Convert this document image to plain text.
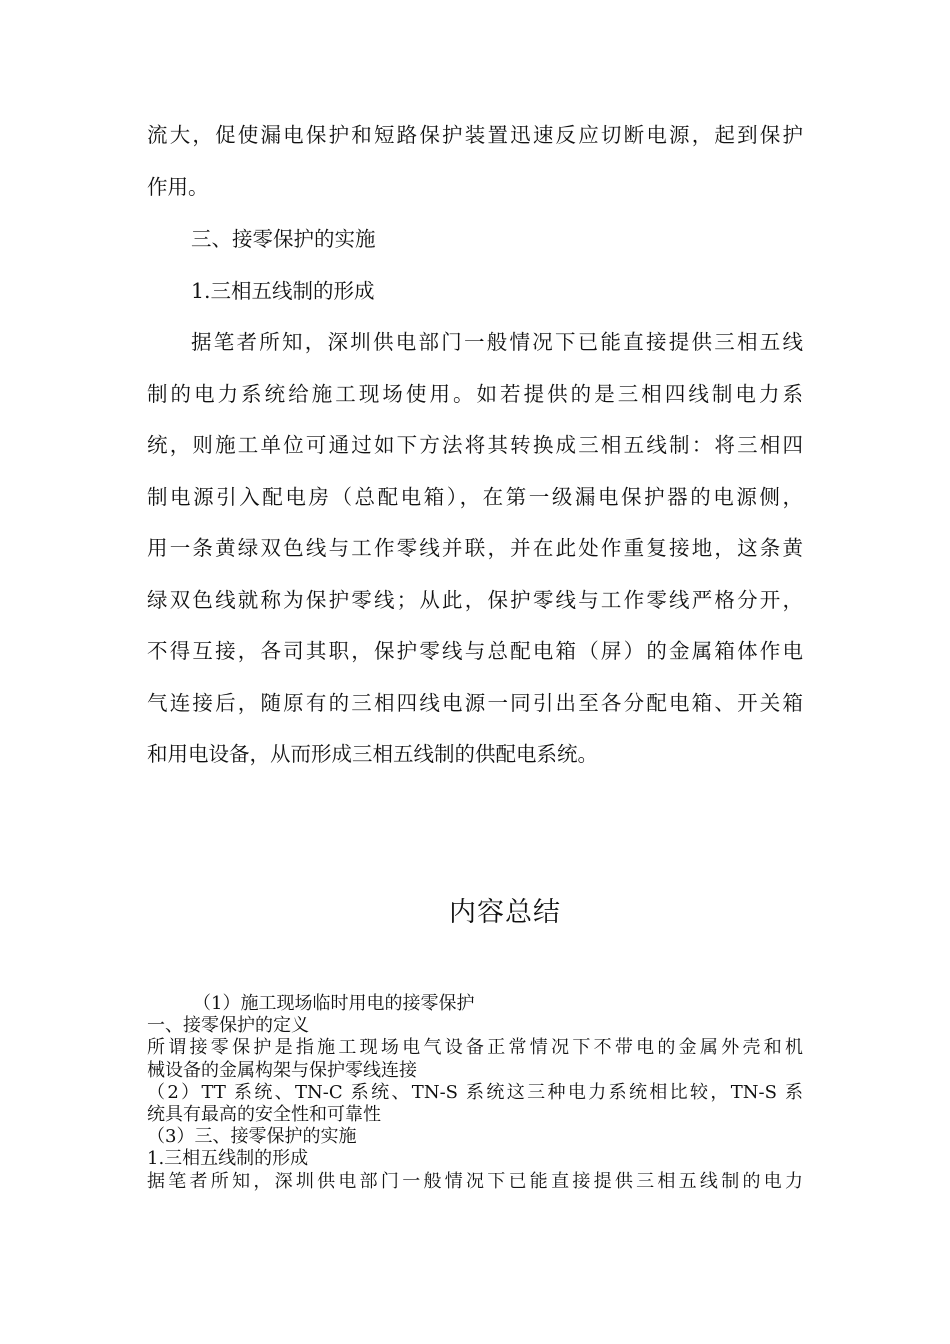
流大，促使漏电保护和短路保护装置迅速反应切断电源，起到保护
作用。
三、接零保护的实施
1.三相五线制的形成
据笔者所知，深圳供电部门一般情况下已能直接提供三相五线
制的电力系统给施工现场使用。如若提供的是三相四线制电力系
统，则施工单位可通过如下方法将其转换成三相五线制：将三相四
制电源引入配电房（总配电箱），在第一级漏电保护器的电源侧，
用一条黄绿双色线与工作零线并联，并在此处作重复接地，这条黄
绿双色线就称为保护零线；从此，保护零线与工作零线严格分开，
不得互接，各司其职，保护零线与总配电箱（屏）的金属箱体作电
气连接后，随原有的三相四线电源一同引出至各分配电箱、开关箱
和用电设备，从而形成三相五线制的供配电系统。
内容总结
（1）施工现场临时用电的接零保护
一、接零保护的定义
所谓接零保护是指施工现场电气设备正常情况下不带电的金属外壳和机
械设备的金属构架与保护零线连接
（2）TT 系统、TN-C 系统、TN-S 系统这三种电力系统相比较，TN-S 系
统具有最高的安全性和可靠性
（3）三、接零保护的实施
1.三相五线制的形成
据笔者所知，深圳供电部门一般情况下已能直接提供三相五线制的电力
